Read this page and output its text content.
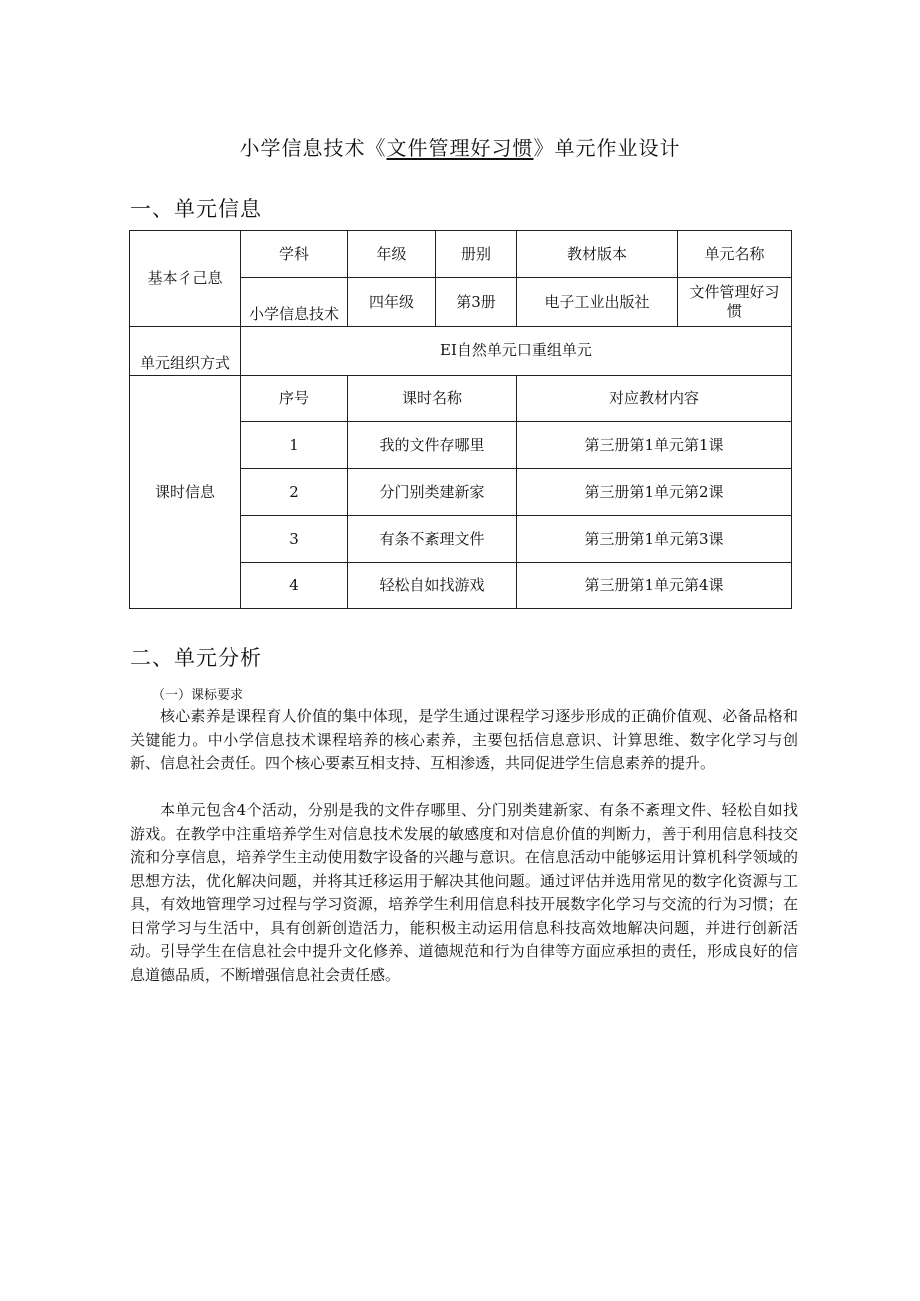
小学信息技术《文件管理好习惯》单元作业设计
一、单元信息
基本彳己息	学科	年级	册别	教材版本	单元名称
	小学信息技术	四年级	第3册	电子工业出版社	文件管理好习惯
单元组织方式	EI自然单元口重组单元				
课时信息	序号	课时名称		对应教材内容	
	1	我的文件存哪里		第三册第1单元第1课	
	2	分门别类建新家		第三册第1单元第2课	
	3	有条不紊理文件		第三册第1单元第3课	
	4	轻松自如找游戏		第三册第1单元第4课	
二、单元分析
（一）课标要求

核心素养是课程育人价值的集中体现，是学生通过课程学习逐步形成的正确价值观、必备品格和关键能力。中小学信息技术课程培养的核心素养，主要包括信息意识、计算思维、数字化学习与创新、信息社会责任。四个核心要素互相支持、互相渗透，共同促进学生信息素养的提升。

本单元包含4个活动，分别是我的文件存哪里、分门别类建新家、有条不紊理文件、轻松自如找游戏。在教学中注重培养学生对信息技术发展的敏感度和对信息价值的判断力，善于利用信息科技交流和分享信息，培养学生主动使用数字设备的兴趣与意识。在信息活动中能够运用计算机科学领域的思想方法，优化解决问题，并将其迁移运用于解决其他问题。通过评估并选用常见的数字化资源与工具，有效地管理学习过程与学习资源，培养学生利用信息科技开展数字化学习与交流的行为习惯；在日常学习与生活中，具有创新创造活力，能积极主动运用信息科技高效地解决问题，并进行创新活动。引导学生在信息社会中提升文化修养、道德规范和行为自律等方面应承担的责任，形成良好的信息道德品质，不断增强信息社会责任感。
